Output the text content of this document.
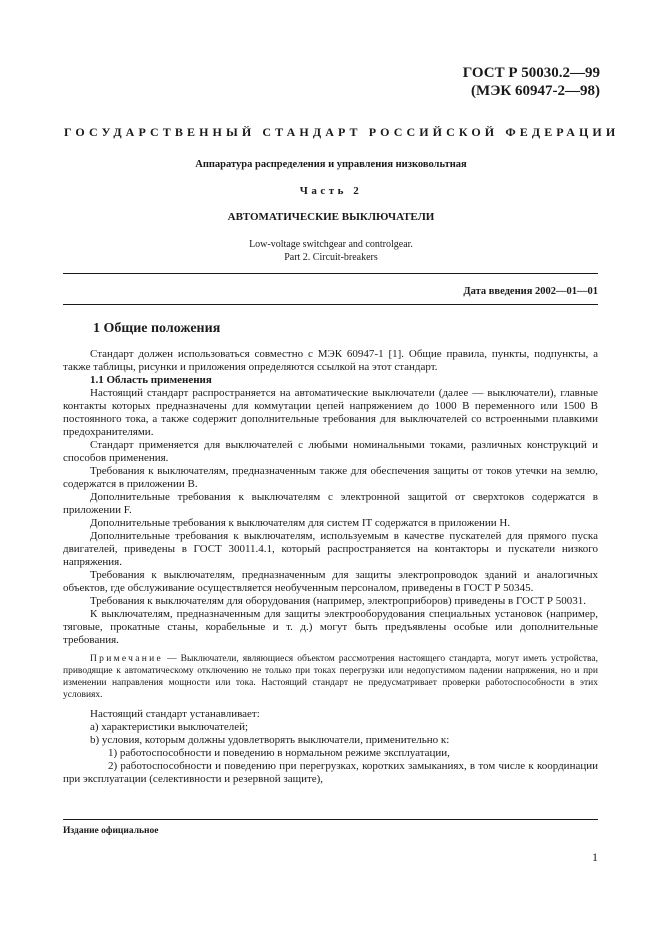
ГОСТ Р 50030.2—99
(МЭК 60947-2—98)
ГОСУДАРСТВЕННЫЙ СТАНДАРТ РОССИЙСКОЙ ФЕДЕРАЦИИ
Аппаратура распределения и управления низковольтная
Часть 2
АВТОМАТИЧЕСКИЕ ВЫКЛЮЧАТЕЛИ
Low-voltage switchgear and controlgear.
Part 2. Circuit-breakers
Дата введения 2002—01—01
1 Общие положения

Стандарт должен использоваться совместно с МЭК 60947-1 [1]. Общие правила, пункты, подпункты, а также таблицы, рисунки и приложения определяются ссылкой на этот стандарт.

1.1 Область применения

Настоящий стандарт распространяется на автоматические выключатели (далее — выключатели), главные контакты которых предназначены для коммутации цепей напряжением до 1000 В переменного или 1500 В постоянного тока, а также содержит дополнительные требования для выключателей со встроенными плавкими предохранителями.

Стандарт применяется для выключателей с любыми номинальными токами, различных конструкций и способов применения.

Требования к выключателям, предназначенным также для обеспечения защиты от токов утечки на землю, содержатся в приложении B.

Дополнительные требования к выключателям с электронной защитой от сверхтоков содержатся в приложении F.

Дополнительные требования к выключателям для систем IT содержатся в приложении H.

Дополнительные требования к выключателям, используемым в качестве пускателей для прямого пуска двигателей, приведены в ГОСТ 30011.4.1, который распространяется на контакторы и пускатели низкого напряжения.

Требования к выключателям, предназначенным для защиты электропроводок зданий и аналогичных объектов, где обслуживание осуществляется необученным персоналом, приведены в ГОСТ Р 50345.

Требования к выключателям для оборудования (например, электроприборов) приведены в ГОСТ Р 50031.

К выключателям, предназначенным для защиты электрооборудования специальных установок (например, тяговые, прокатные станы, корабельные и т. д.) могут быть предъявлены особые или дополнительные требования.

Примечание — Выключатели, являющиеся объектом рассмотрения настоящего стандарта, могут иметь устройства, приводящие к автоматическому отключению не только при токах перегрузки или недопустимом падении напряжения, но и при изменении направления мощности или тока. Настоящий стандарт не предусматривает проверки работоспособности в этих условиях.

Настоящий стандарт устанавливает:

а) характеристики выключателей;

b) условия, которым должны удовлетворять выключатели, применительно к:

1) работоспособности и поведению в нормальном режиме эксплуатации,

2) работоспособности и поведению при перегрузках, коротких замыканиях, в том числе к координации при эксплуатации (селективности и резервной защите),

Издание официальное
1
